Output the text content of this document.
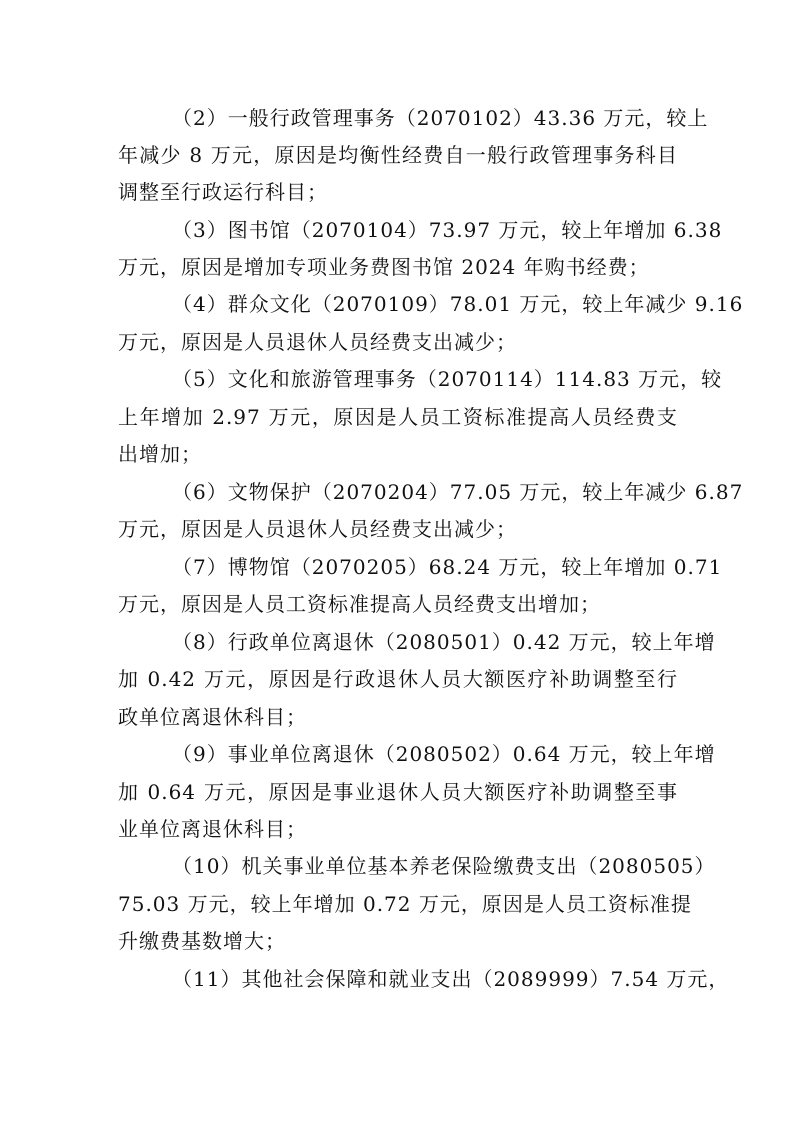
（2）一般行政管理事务（2070102）43.36 万元，较上
年减少 8 万元，原因是均衡性经费自一般行政管理事务科目
调整至行政运行科目；
（3）图书馆（2070104）73.97 万元，较上年增加 6.38
万元，原因是增加专项业务费图书馆 2024 年购书经费；
（4）群众文化（2070109）78.01 万元，较上年减少 9.16
万元，原因是人员退休人员经费支出减少；
（5）文化和旅游管理事务（2070114）114.83 万元，较
上年增加 2.97 万元，原因是人员工资标准提高人员经费支
出增加；
（6）文物保护（2070204）77.05 万元，较上年减少 6.87
万元，原因是人员退休人员经费支出减少；
（7）博物馆（2070205）68.24 万元，较上年增加 0.71
万元，原因是人员工资标准提高人员经费支出增加；
（8）行政单位离退休（2080501）0.42 万元，较上年增
加 0.42 万元，原因是行政退休人员大额医疗补助调整至行
政单位离退休科目；
（9）事业单位离退休（2080502）0.64 万元，较上年增
加 0.64 万元，原因是事业退休人员大额医疗补助调整至事
业单位离退休科目；
（10）机关事业单位基本养老保险缴费支出（2080505）
75.03 万元，较上年增加 0.72 万元，原因是人员工资标准提
升缴费基数增大；
（11）其他社会保障和就业支出（2089999）7.54 万元，
